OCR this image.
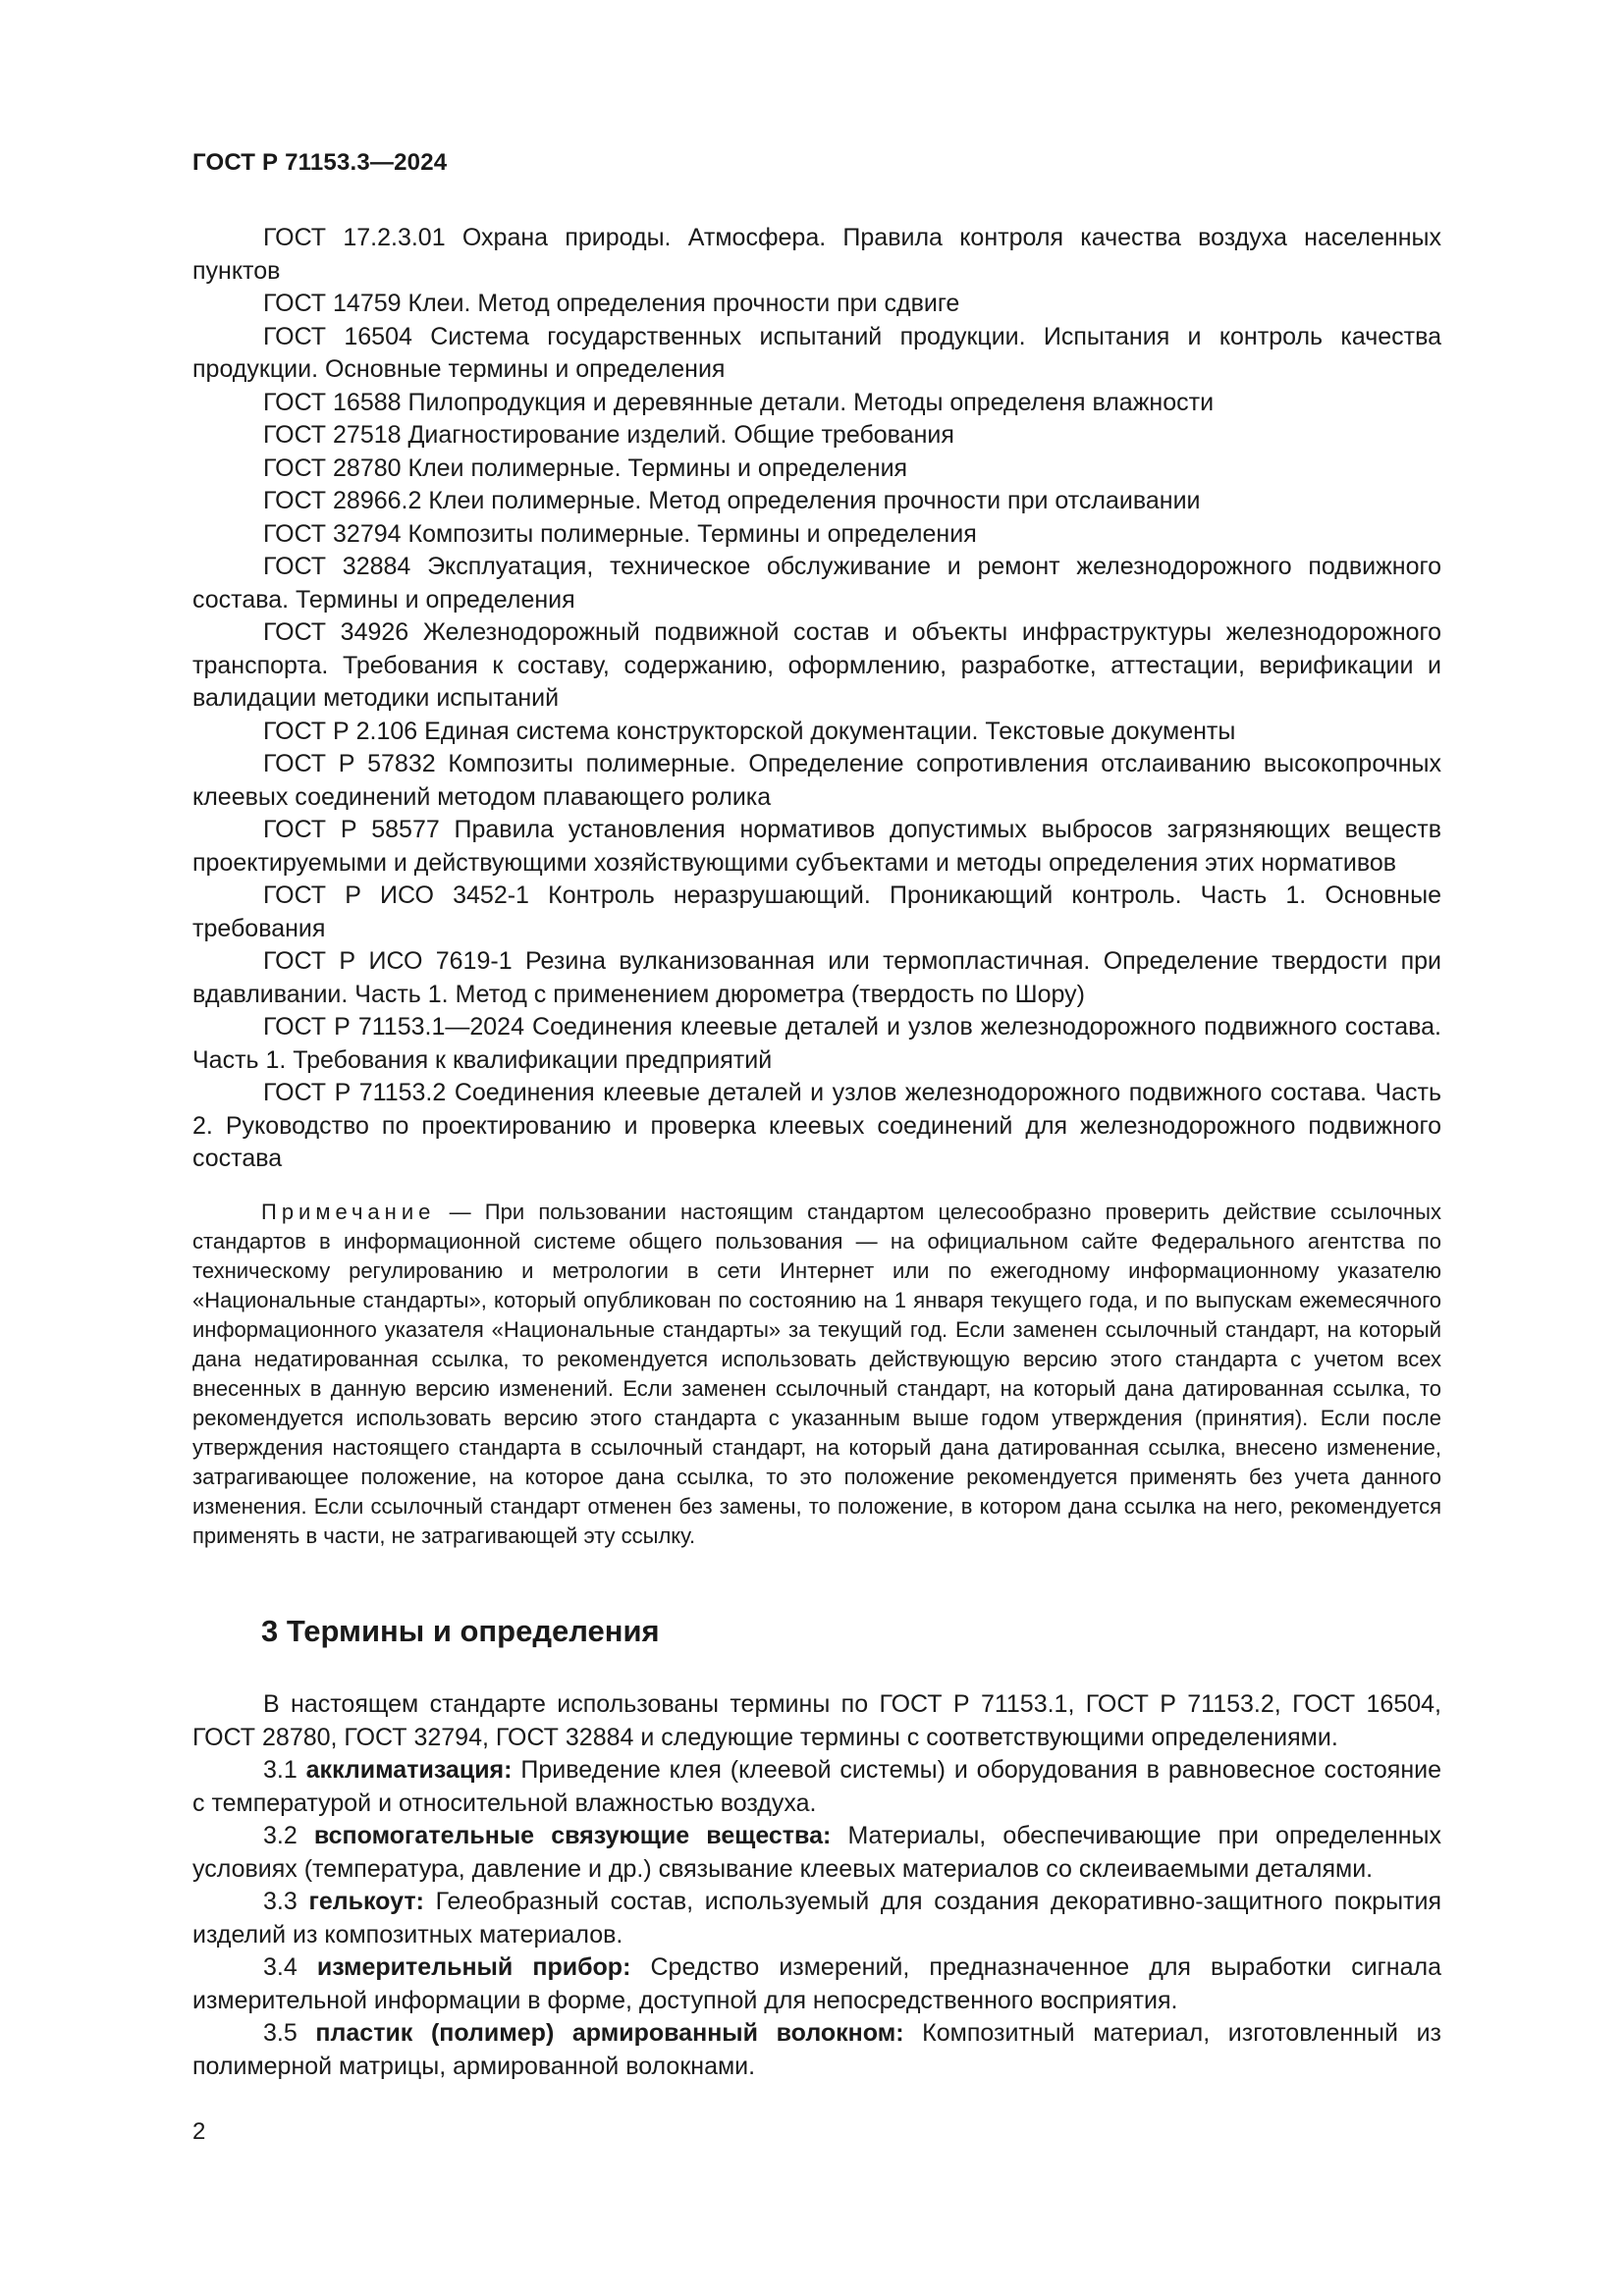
ГОСТ Р 71153.3—2024

ГОСТ 17.2.3.01 Охрана природы. Атмосфера. Правила контроля качества воздуха населенных пунктов

ГОСТ 14759 Клеи. Метод определения прочности при сдвиге

ГОСТ 16504 Система государственных испытаний продукции. Испытания и контроль качества продукции. Основные термины и определения

ГОСТ 16588 Пилопродукция и деревянные детали. Методы определеня влажности

ГОСТ 27518 Диагностирование изделий. Общие требования

ГОСТ 28780 Клеи полимерные. Термины и определения

ГОСТ 28966.2 Клеи полимерные. Метод определения прочности при отслаивании

ГОСТ 32794 Композиты полимерные. Термины и определения

ГОСТ 32884 Эксплуатация, техническое обслуживание и ремонт железнодорожного подвижного состава. Термины и определения

ГОСТ 34926 Железнодорожный подвижной состав и объекты инфраструктуры железнодорожного транспорта. Требования к составу, содержанию, оформлению, разработке, аттестации, верификации и валидации методики испытаний

ГОСТ Р 2.106 Единая система конструкторской документации. Текстовые документы

ГОСТ Р 57832 Композиты полимерные. Определение сопротивления отслаиванию высокопрочных клеевых соединений методом плавающего ролика

ГОСТ Р 58577 Правила установления нормативов допустимых выбросов загрязняющих веществ проектируемыми и действующими хозяйствующими субъектами и методы определения этих нормативов

ГОСТ Р ИСО 3452-1 Контроль неразрушающий. Проникающий контроль. Часть 1. Основные требования

ГОСТ Р ИСО 7619-1 Резина вулканизованная или термопластичная. Определение твердости при вдавливании. Часть 1. Метод с применением дюрометра (твердость по Шору)

ГОСТ Р 71153.1—2024 Соединения клеевые деталей и узлов железнодорожного подвижного состава. Часть 1. Требования к квалификации предприятий

ГОСТ Р 71153.2 Соединения клеевые деталей и узлов железнодорожного подвижного состава. Часть 2. Руководство по проектированию и проверка клеевых соединений для железнодорожного подвижного состава

Примечание — При пользовании настоящим стандартом целесообразно проверить действие ссылочных стандартов в информационной системе общего пользования — на официальном сайте Федерального агентства по техническому регулированию и метрологии в сети Интернет или по ежегодному информационному указателю «Национальные стандарты», который опубликован по состоянию на 1 января текущего года, и по выпускам ежемесячного информационного указателя «Национальные стандарты» за текущий год. Если заменен ссылочный стандарт, на который дана недатированная ссылка, то рекомендуется использовать действующую версию этого стандарта с учетом всех внесенных в данную версию изменений. Если заменен ссылочный стандарт, на который дана датированная ссылка, то рекомендуется использовать версию этого стандарта с указанным выше годом утверждения (принятия). Если после утверждения настоящего стандарта в ссылочный стандарт, на который дана датированная ссылка, внесено изменение, затрагивающее положение, на которое дана ссылка, то это положение рекомендуется применять без учета данного изменения. Если ссылочный стандарт отменен без замены, то положение, в котором дана ссылка на него, рекомендуется применять в части, не затрагивающей эту ссылку.

3 Термины и определения

В настоящем стандарте использованы термины по ГОСТ Р 71153.1, ГОСТ Р 71153.2, ГОСТ 16504, ГОСТ 28780, ГОСТ 32794, ГОСТ 32884 и следующие термины с соответствующими определениями.

3.1 акклиматизация: Приведение клея (клеевой системы) и оборудования в равновесное состояние с температурой и относительной влажностью воздуха.

3.2 вспомогательные связующие вещества: Материалы, обеспечивающие при определенных условиях (температура, давление и др.) связывание клеевых материалов со склеиваемыми деталями.

3.3 гелькоут: Гелеобразный состав, используемый для создания декоративно-защитного покрытия изделий из композитных материалов.

3.4 измерительный прибор: Средство измерений, предназначенное для выработки сигнала измерительной информации в форме, доступной для непосредственного восприятия.

3.5 пластик (полимер) армированный волокном: Композитный материал, изготовленный из полимерной матрицы, армированной волокнами.

2
